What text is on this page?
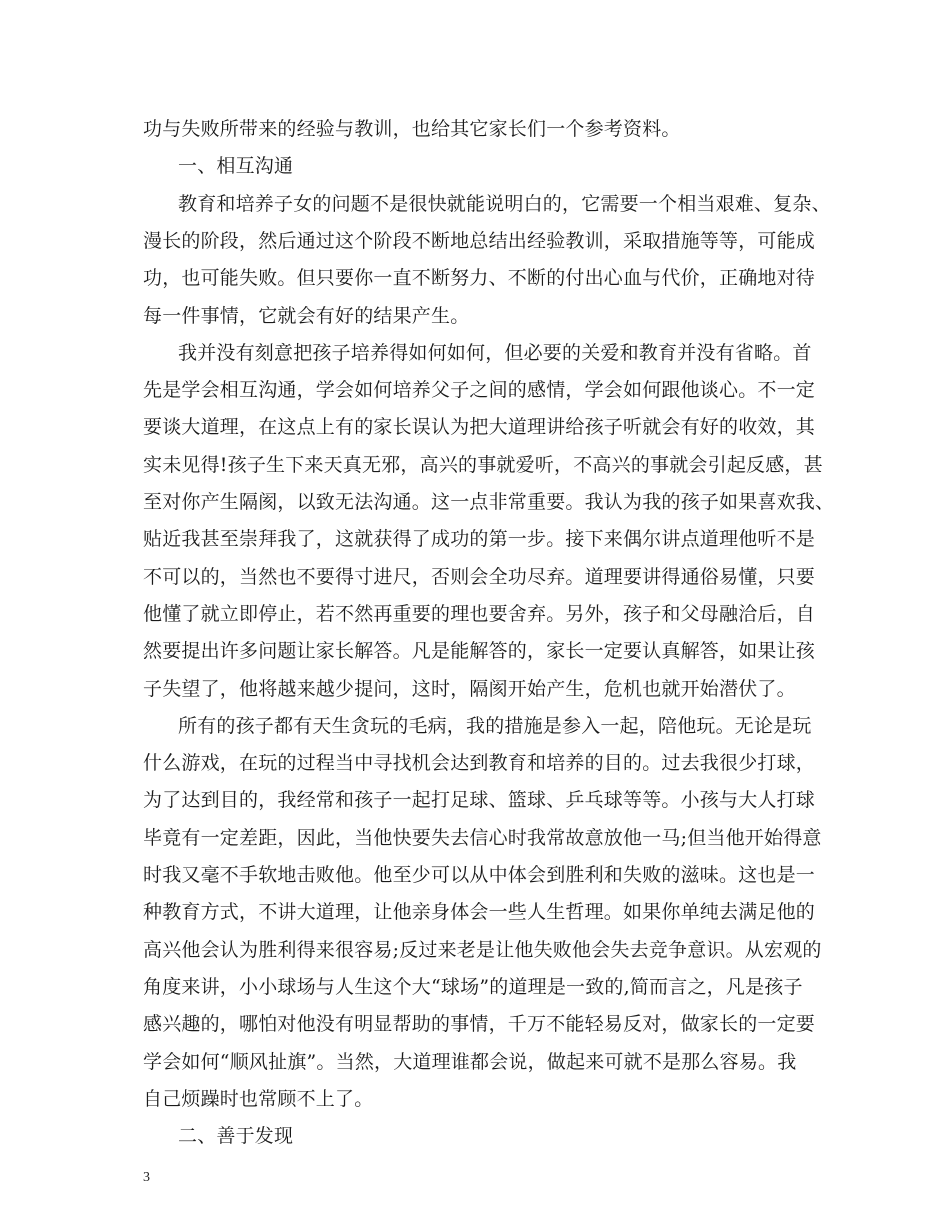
功与失败所带来的经验与教训，也给其它家长们一个参考资料。
一、相互沟通
教育和培养子女的问题不是很快就能说明白的，它需要一个相当艰难、复杂、
漫长的阶段，然后通过这个阶段不断地总结出经验教训，采取措施等等，可能成
功，也可能失败。但只要你一直不断努力、不断的付出心血与代价，正确地对待
每一件事情，它就会有好的结果产生。
我并没有刻意把孩子培养得如何如何，但必要的关爱和教育并没有省略。首
先是学会相互沟通，学会如何培养父子之间的感情，学会如何跟他谈心。不一定
要谈大道理，在这点上有的家长误认为把大道理讲给孩子听就会有好的收效，其
实未见得!孩子生下来天真无邪，高兴的事就爱听，不高兴的事就会引起反感，甚
至对你产生隔阂，以致无法沟通。这一点非常重要。我认为我的孩子如果喜欢我、
贴近我甚至崇拜我了，这就获得了成功的第一步。接下来偶尔讲点道理他听不是
不可以的，当然也不要得寸进尺，否则会全功尽弃。道理要讲得通俗易懂，只要
他懂了就立即停止，若不然再重要的理也要舍弃。另外，孩子和父母融洽后，自
然要提出许多问题让家长解答。凡是能解答的，家长一定要认真解答，如果让孩
子失望了，他将越来越少提问，这时，隔阂开始产生，危机也就开始潜伏了。
所有的孩子都有天生贪玩的毛病，我的措施是参入一起，陪他玩。无论是玩
什么游戏，在玩的过程当中寻找机会达到教育和培养的目的。过去我很少打球，
为了达到目的，我经常和孩子一起打足球、篮球、乒乓球等等。小孩与大人打球
毕竟有一定差距，因此，当他快要失去信心时我常故意放他一马;但当他开始得意
时我又毫不手软地击败他。他至少可以从中体会到胜利和失败的滋味。这也是一
种教育方式，不讲大道理，让他亲身体会一些人生哲理。如果你单纯去满足他的
高兴他会认为胜利得来很容易;反过来老是让他失败他会失去竞争意识。从宏观的
角度来讲，小小球场与人生这个大“球场”的道理是一致的,简而言之，凡是孩子
感兴趣的，哪怕对他没有明显帮助的事情，千万不能轻易反对，做家长的一定要
学会如何“顺风扯旗”。当然，大道理谁都会说，做起来可就不是那么容易。我
自己烦躁时也常顾不上了。
二、善于发现
3
